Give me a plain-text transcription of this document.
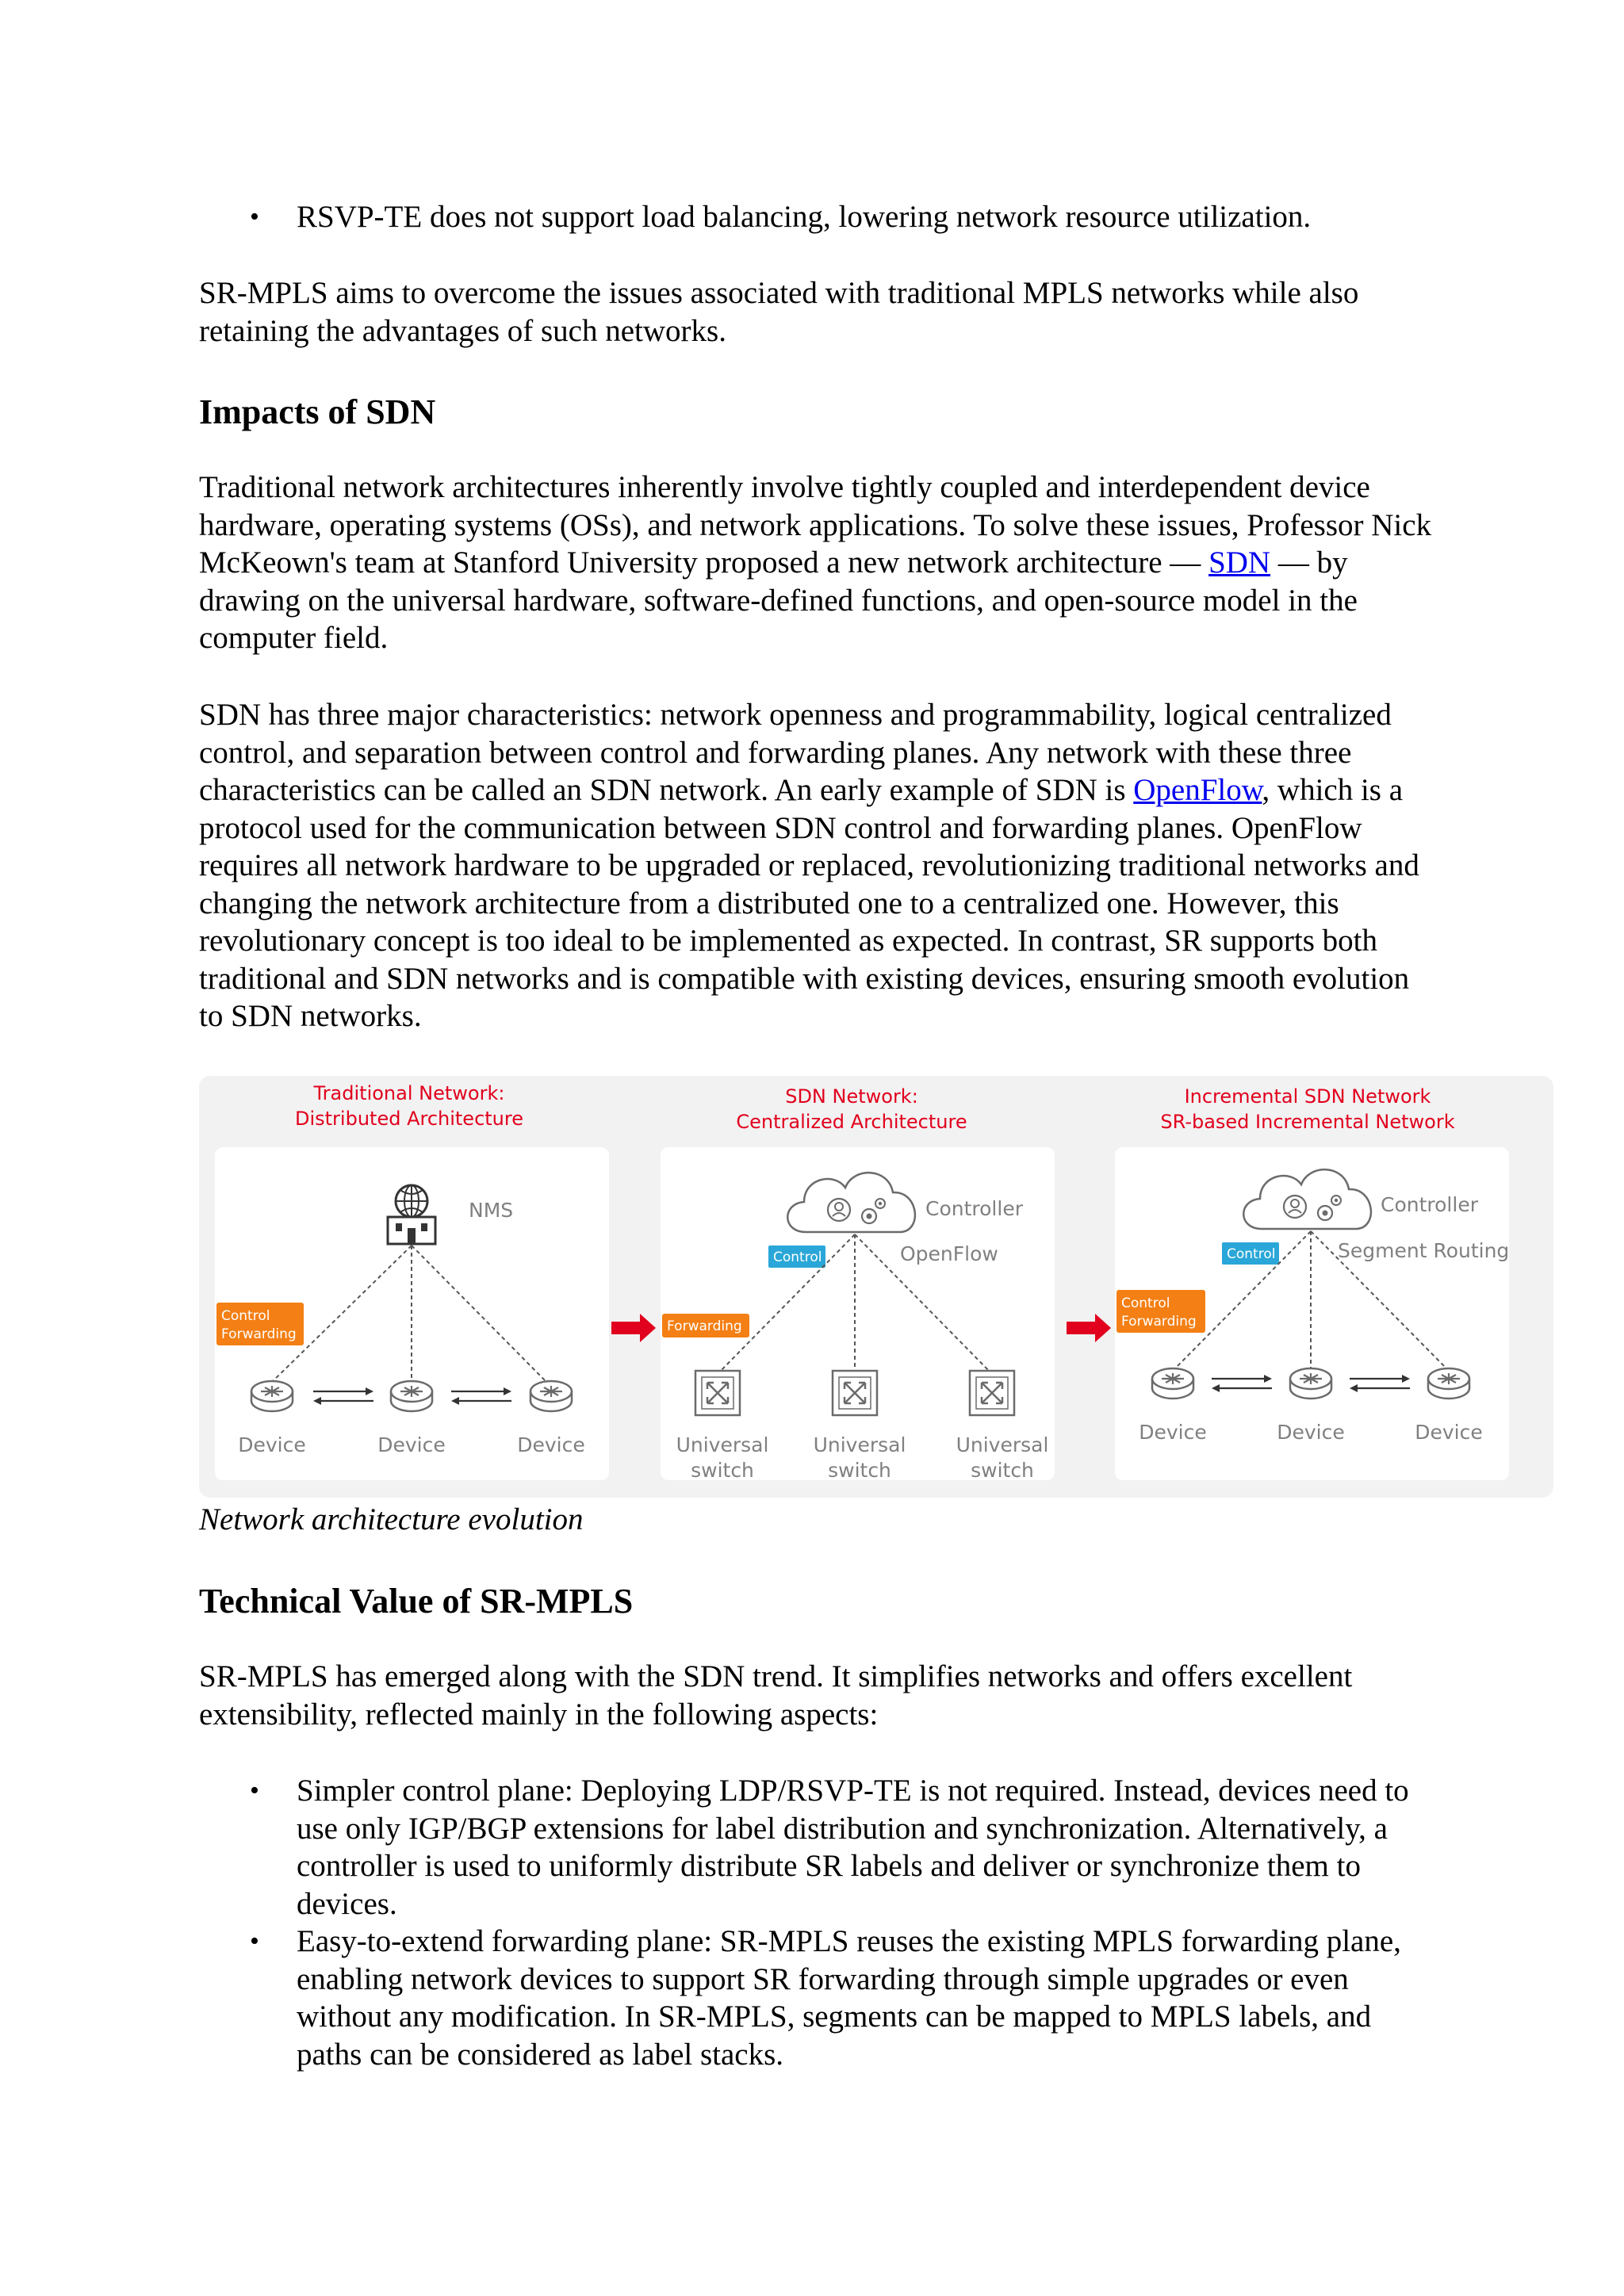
• RSVP-TE does not support load balancing, lowering network resource utilization.

SR-MPLS aims to overcome the issues associated with traditional MPLS networks while also retaining the advantages of such networks.

Impacts of SDN

Traditional network architectures inherently involve tightly coupled and interdependent device hardware, operating systems (OSs), and network applications. To solve these issues, Professor Nick McKeown's team at Stanford University proposed a new network architecture — SDN — by drawing on the universal hardware, software-defined functions, and open-source model in the computer field.

SDN has three major characteristics: network openness and programmability, logical centralized control, and separation between control and forwarding planes. Any network with these three characteristics can be called an SDN network. An early example of SDN is OpenFlow, which is a protocol used for the communication between SDN control and forwarding planes. OpenFlow requires all network hardware to be upgraded or replaced, revolutionizing traditional networks and changing the network architecture from a distributed one to a centralized one. However, this revolutionary concept is too ideal to be implemented as expected. In contrast, SR supports both traditional and SDN networks and is compatible with existing devices, ensuring smooth evolution to SDN networks.

Traditional Network:
Distributed Architecture
NMS
Control
Forwarding
Device	Device	Device
SDN Network:
Centralized Architecture
Controller
OpenFlow
Control
Forwarding
Universal
switch
Universal
switch
Universal
switch
Incremental SDN Network
SR-based Incremental Network
Controller
Segment Routing
Control
Control
Forwarding
Device	Device	Device
Network architecture evolution
Technical Value of SR-MPLS

SR-MPLS has emerged along with the SDN trend. It simplifies networks and offers excellent extensibility, reflected mainly in the following aspects:

• Simpler control plane: Deploying LDP/RSVP-TE is not required. Instead, devices need to use only IGP/BGP extensions for label distribution and synchronization. Alternatively, a controller is used to uniformly distribute SR labels and deliver or synchronize them to devices.
• Easy-to-extend forwarding plane: SR-MPLS reuses the existing MPLS forwarding plane, enabling network devices to support SR forwarding through simple upgrades or even without any modification. In SR-MPLS, segments can be mapped to MPLS labels, and paths can be considered as label stacks.
